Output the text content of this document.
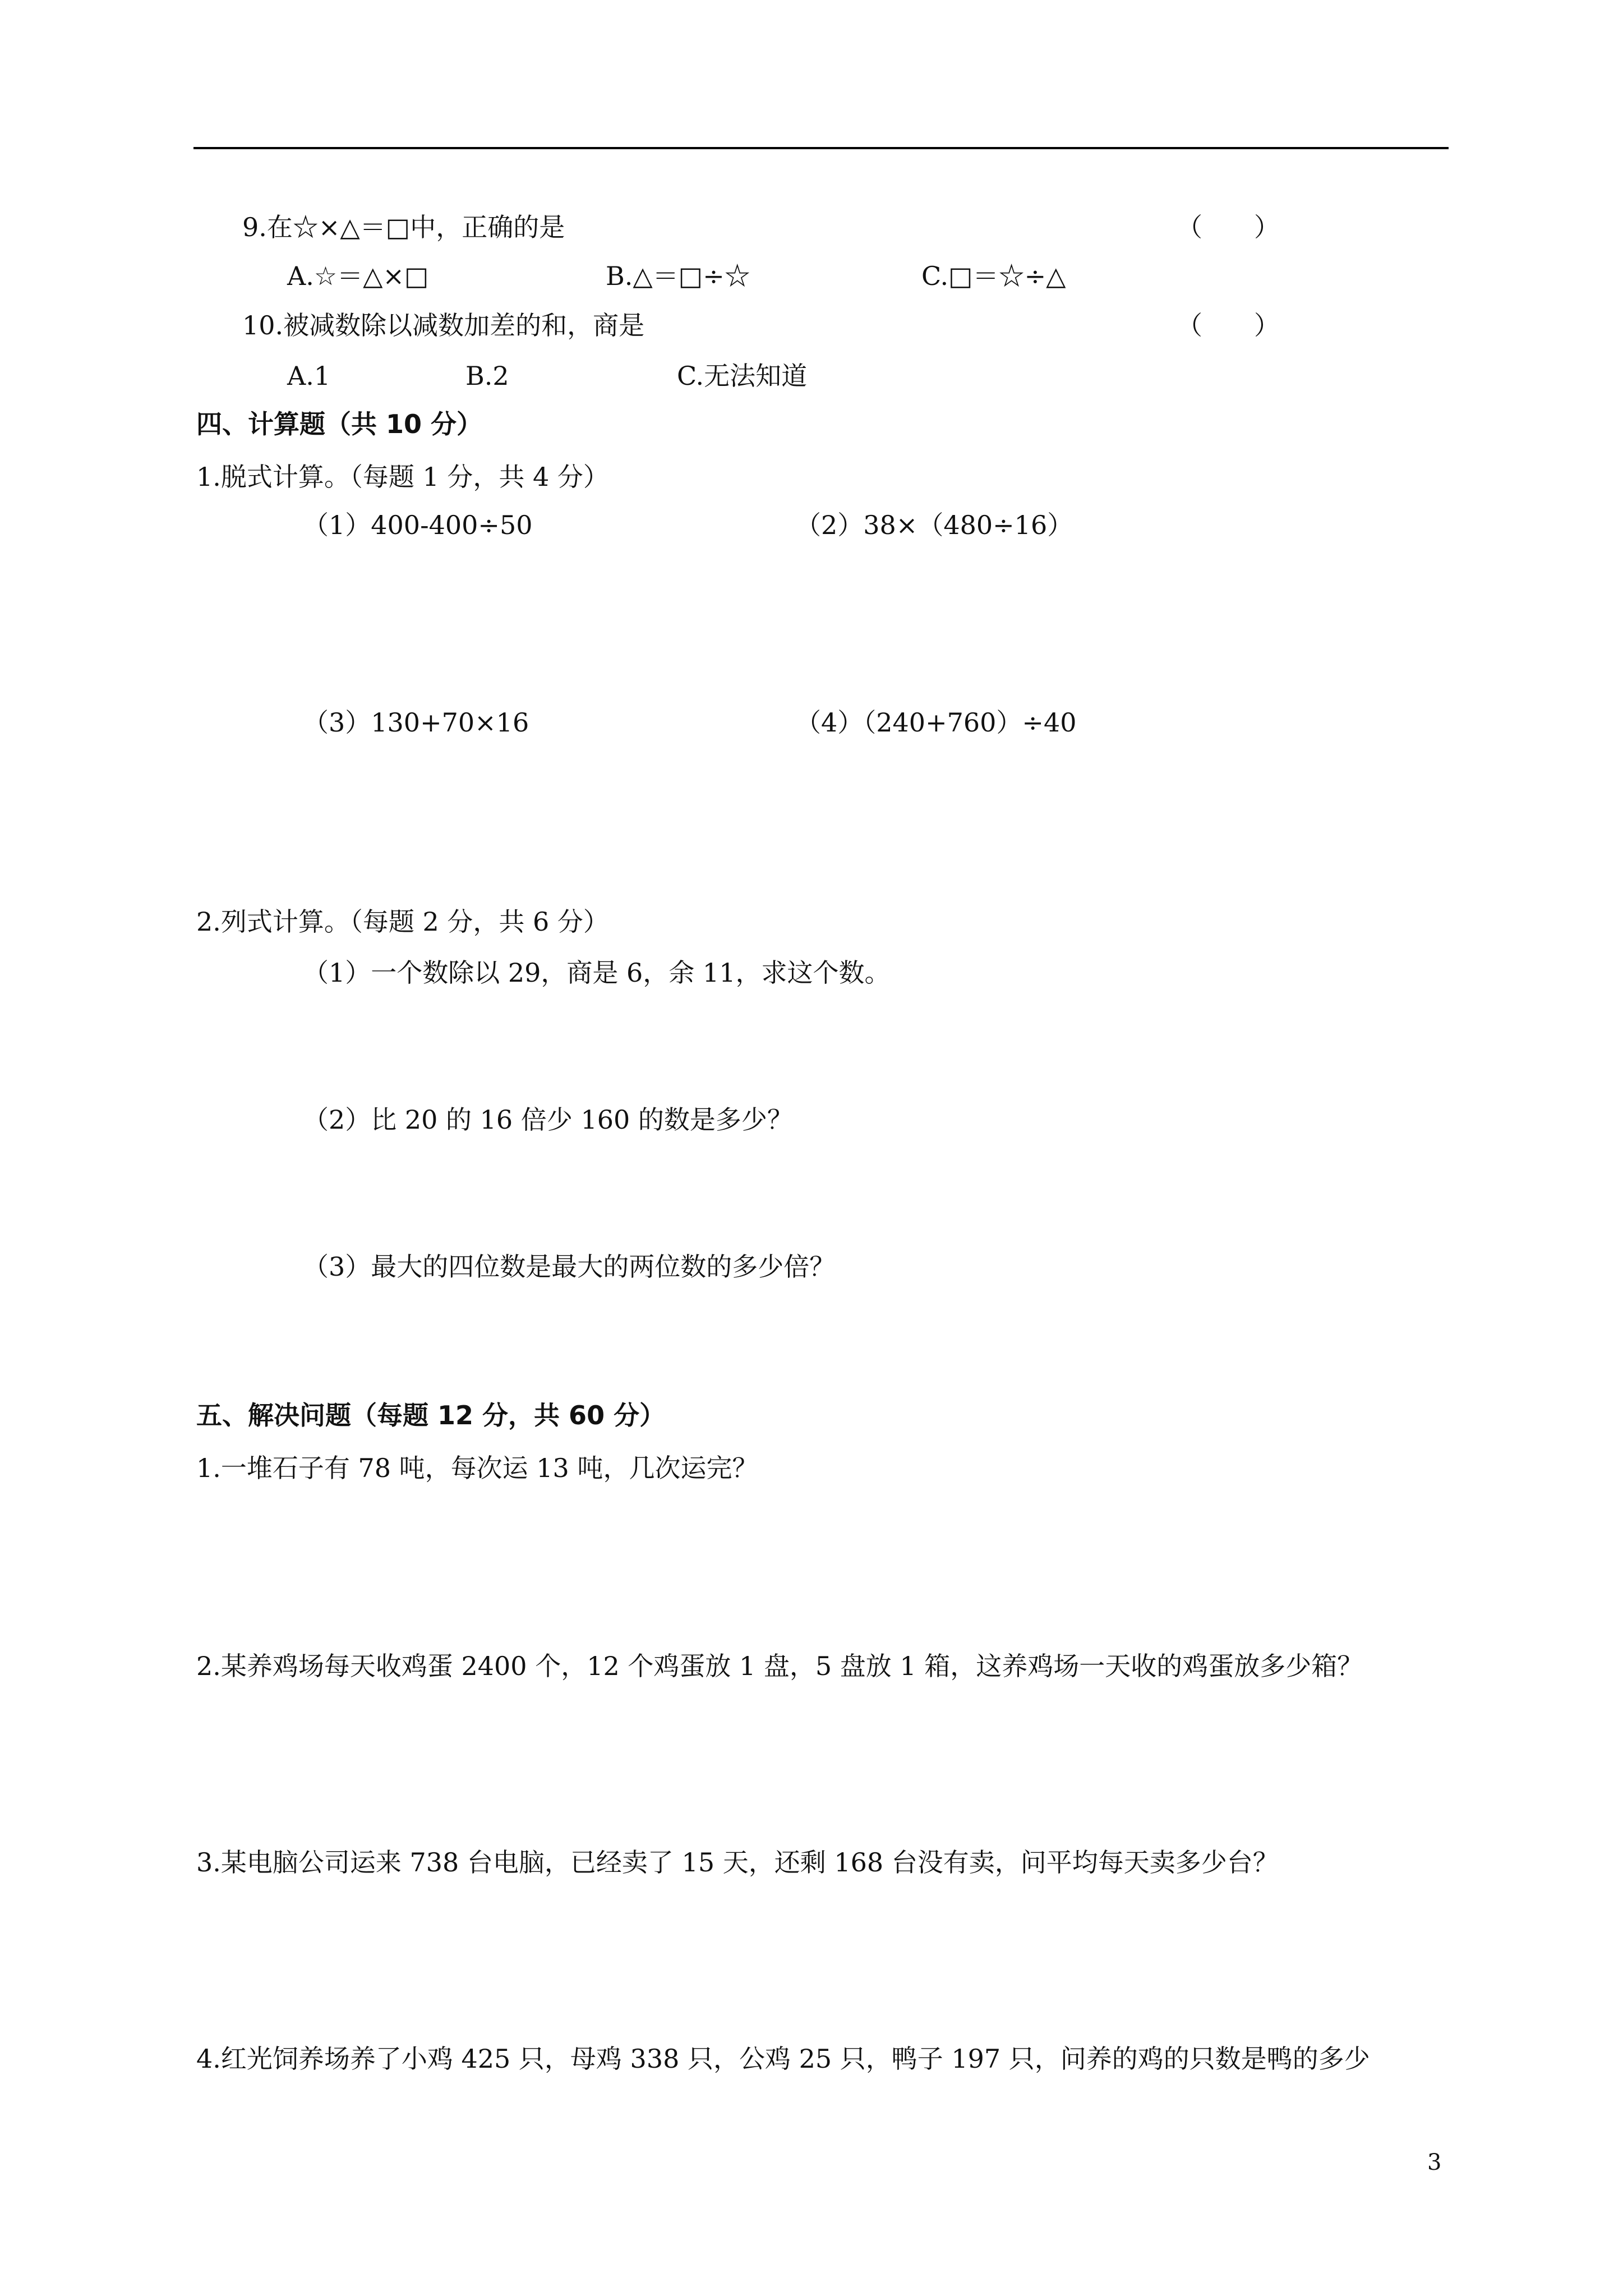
9.在☆×△＝□中，正确的是	（　　）
A.☆＝△×□	B.△＝□÷☆	C.□＝☆÷△
10.被减数除以减数加差的和，商是	（　　）
A.1	B.2	C.无法知道
四、计算题（共 10 分）
1.脱式计算。（每题 1 分，共 4 分）
（1）400-400÷50	（2）38×（480÷16）
（3）130+70×16	（4）（240+760）÷40
2.列式计算。（每题 2 分，共 6 分）
（1）一个数除以 29，商是 6，余 11，求这个数。
（2）比 20 的 16 倍少 160 的数是多少？
（3）最大的四位数是最大的两位数的多少倍？
五、解决问题（每题 12 分，共 60 分）
1.一堆石子有 78 吨，每次运 13 吨，几次运完？
2.某养鸡场每天收鸡蛋 2400 个，12 个鸡蛋放 1 盘，5 盘放 1 箱，这养鸡场一天收的鸡蛋放多少箱？
3.某电脑公司运来 738 台电脑，已经卖了 15 天，还剩 168 台没有卖，问平均每天卖多少台？
4.红光饲养场养了小鸡 425 只，母鸡 338 只，公鸡 25 只，鸭子 197 只，问养的鸡的只数是鸭的多少
3
